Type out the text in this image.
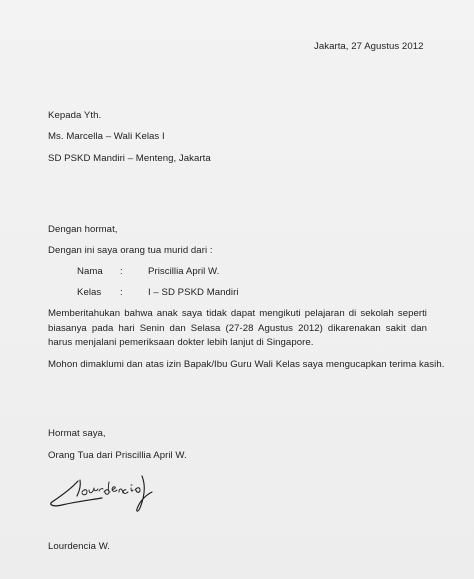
Jakarta, 27 Agustus 2012
Kepada Yth.
Ms. Marcella – Wali Kelas I
SD PSKD Mandiri – Menteng, Jakarta
Dengan hormat,
Dengan ini saya orang tua murid dari :
Nama :	Priscillia April W.
Kelas :	I – SD PSKD Mandiri
Memberitahukan bahwa anak saya tidak dapat mengikuti pelajaran di sekolah seperti biasanya pada hari Senin dan Selasa (27-28 Agustus 2012) dikarenakan sakit dan harus menjalani pemeriksaan dokter lebih lanjut di Singapore.
Mohon dimaklumi dan atas izin Bapak/Ibu Guru Wali Kelas saya mengucapkan terima kasih.
Hormat saya,
Orang Tua dari Priscillia April W.
Lourdencia W.
